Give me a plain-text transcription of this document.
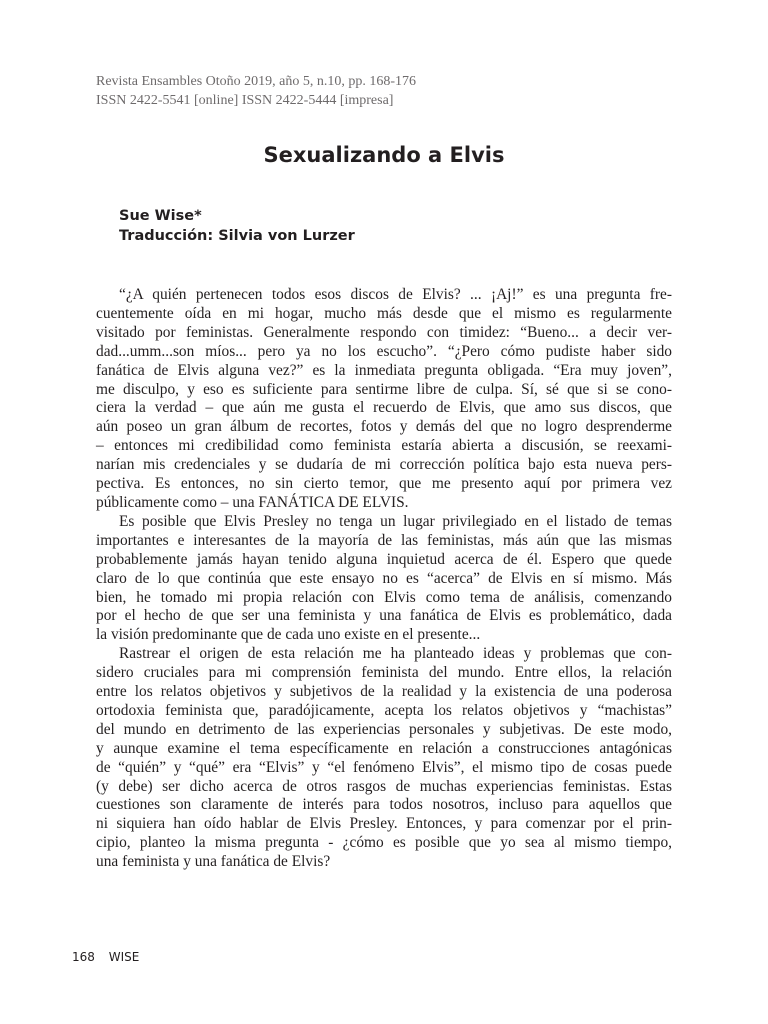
Revista Ensambles Otoño 2019, año 5, n.10, pp. 168-176
ISSN 2422-5541 [online] ISSN 2422-5444 [impresa]
Sexualizando a Elvis
Sue Wise*
Traducción: Silvia von Lurzer
“¿A quién pertenecen todos esos discos de Elvis? ... ¡Aj!” es una pregunta fre-
cuentemente oída en mi hogar, mucho más desde que el mismo es regularmente
visitado por feministas. Generalmente respondo con timidez: “Bueno... a decir ver-
dad...umm...son míos... pero ya no los escucho”. “¿Pero cómo pudiste haber sido
fanática de Elvis alguna vez?” es la inmediata pregunta obligada. “Era muy joven”,
me disculpo, y eso es suficiente para sentirme libre de culpa. Sí, sé que si se cono-
ciera la verdad – que aún me gusta el recuerdo de Elvis, que amo sus discos, que
aún poseo un gran álbum de recortes, fotos y demás del que no logro desprenderme
– entonces mi credibilidad como feminista estaría abierta a discusión, se reexami-
narían mis credenciales y se dudaría de mi corrección política bajo esta nueva pers-
pectiva. Es entonces, no sin cierto temor, que me presento aquí por primera vez
públicamente como – una FANÁTICA DE ELVIS.
Es posible que Elvis Presley no tenga un lugar privilegiado en el listado de temas
importantes e interesantes de la mayoría de las feministas, más aún que las mismas
probablemente jamás hayan tenido alguna inquietud acerca de él. Espero que quede
claro de lo que continúa que este ensayo no es “acerca” de Elvis en sí mismo. Más
bien, he tomado mi propia relación con Elvis como tema de análisis, comenzando
por el hecho de que ser una feminista y una fanática de Elvis es problemático, dada
la visión predominante que de cada uno existe en el presente...
Rastrear el origen de esta relación me ha planteado ideas y problemas que con-
sidero cruciales para mi comprensión feminista del mundo. Entre ellos, la relación
entre los relatos objetivos y subjetivos de la realidad y la existencia de una poderosa
ortodoxia feminista que, paradójicamente, acepta los relatos objetivos y “machistas”
del mundo en detrimento de las experiencias personales y subjetivas. De este modo,
y aunque examine el tema específicamente en relación a construcciones antagónicas
de “quién” y “qué” era “Elvis” y “el fenómeno Elvis”, el mismo tipo de cosas puede
(y debe) ser dicho acerca de otros rasgos de muchas experiencias feministas. Estas
cuestiones son claramente de interés para todos nosotros, incluso para aquellos que
ni siquiera han oído hablar de Elvis Presley. Entonces, y para comenzar por el prin-
cipio, planteo la misma pregunta - ¿cómo es posible que yo sea al mismo tiempo,
una feminista y una fanática de Elvis?
168 WISE
